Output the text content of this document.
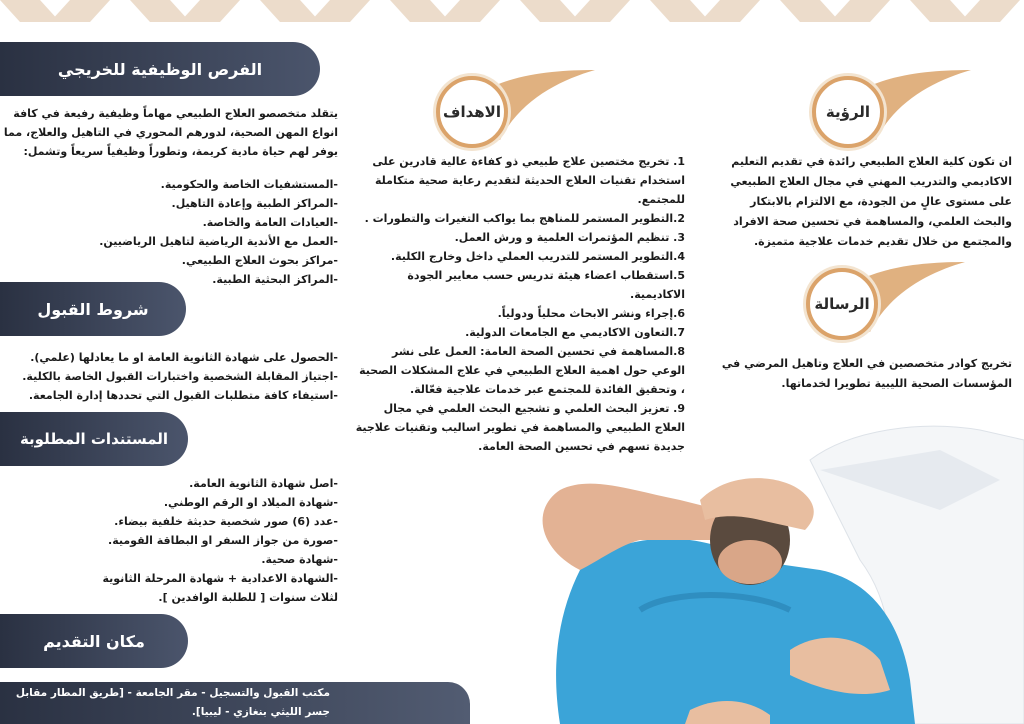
الفرص الوظيفية للخريجي
يتقلد متخصصو العلاج الطبيعي مهاماً وظيفية رفيعة في كافة انواع المهن الصحية، لدورهم المحوري في التاهيل والعلاج، مما يوفر لهم حياة مادية كريمة، وتطوراً وظيفياً سريعاً وتشمل:
-المستشفيات الخاصة والحكومية.
-المراكز الطبية وإعادة التاهيل.
-العيادات العامة والخاصة.
-العمل مع الأندية الرياضية لتاهيل الرياضيين.
-مراكز بحوث العلاج الطبيعي.
-المراكز البحثية الطبية.
شروط القبول
-الحصول على شهادة الثانوية العامة او ما يعادلها (علمي).
-اجتياز المقابلة الشخصية واختبارات القبول الخاصة بالكلية.
-استيفاء كافة متطلبات القبول التي تحددها إدارة الجامعة.
المستندات المطلوبة
-اصل شهادة الثانوية العامة.
-شهادة الميلاد او الرقم الوطني.
-عدد (6) صور شخصية حديثة خلفية بيضاء.
-صورة من جواز السفر او البطاقة القومية.
-شهادة صحية.
-الشهادة الاعدادية + شهادة المرحلة الثانوية
لثلاث سنوات [ للطلبة الوافدين ].
مكان التقديم
مكتب القبول والتسجيل - مقر الجامعة - [طريق المطار مقابل
جسر الليثي بنغازي - ليبيا].
الاهداف
1. تخريج مختصين علاج طبيعي ذو كفاءة عالية قادرين على استخدام تقنيات العلاج الحديثة لتقديم رعاية صحية متكاملة للمجتمع.
2.التطوير المستمر للمناهج بما يواكب التغيرات والتطورات .
3. تنظيم المؤتمرات العلمية و ورش العمل.
4.التطوير المستمر للتدريب العملي داخل وخارج الكلية.
5.استقطاب اعضاء هيئة تدريس حسب معايير الجودة الاكاديمية.
6.إجراء ونشر الابحاث محلياً ودولياً.
7.التعاون الاكاديمي مع الجامعات الدولية.
8.المساهمة في تحسين الصحة العامة: العمل على نشر الوعي حول اهمية العلاج الطبيعي في علاج المشكلات الصحية ، وتحقيق الفائدة للمجتمع عبر خدمات علاجية فعّالة.
9. تعزيز البحث العلمي و تشجيع البحث العلمي في مجال العلاج الطبيعي والمساهمة في تطوير اساليب وتقنيات علاجية جديدة تسهم في تحسين الصحة العامة.
الرؤية
ان تكون كلية العلاج الطبيعي رائدة في تقديم التعليم الاكاديمي والتدريب المهني في مجال العلاج الطبيعي على مستوى عالٍ من الجودة، مع الالتزام بالابتكار والبحث العلمي، والمساهمة في تحسين صحة الافراد والمجتمع من خلال تقديم خدمات علاجية متميزة.
الرسالة
تخريج كوادر متخصصين في العلاج وتاهيل المرضي في المؤسسات الصحية الليبية تطويرا لخدماتها.
